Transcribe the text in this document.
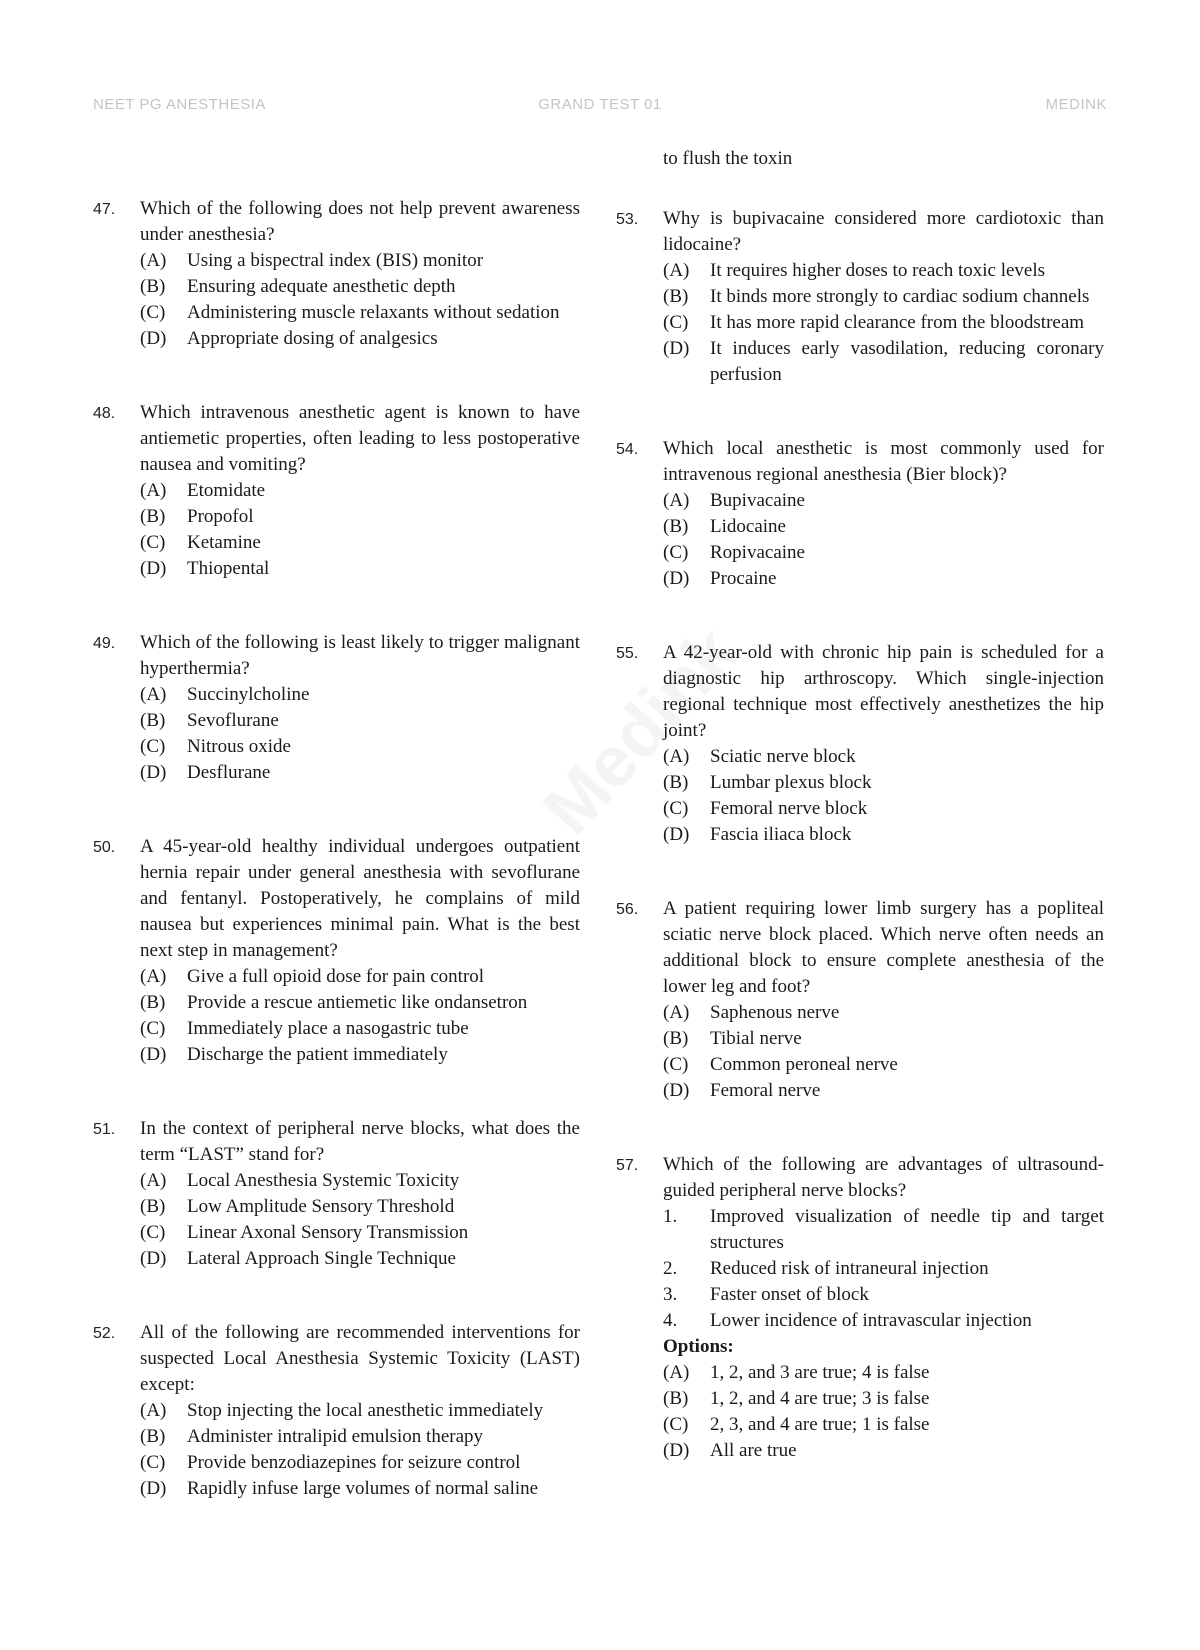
NEET PG ANESTHESIA	GRAND TEST 01	MEDINK
47.	Which of the following does not help prevent awareness under anesthesia?
(A)	Using a bispectral index (BIS) monitor
(B)	Ensuring adequate anesthetic depth
(C)	Administering muscle relaxants without sedation
(D)	Appropriate dosing of analgesics
48.	Which intravenous anesthetic agent is known to have antiemetic properties, often leading to less postoperative nausea and vomiting?
(A)	Etomidate
(B)	Propofol
(C)	Ketamine
(D)	Thiopental
49.	Which of the following is least likely to trigger malignant hyperthermia?
(A)	Succinylcholine
(B)	Sevoflurane
(C)	Nitrous oxide
(D)	Desflurane
50.	A 45-year-old healthy individual undergoes outpatient hernia repair under general anesthesia with sevoflurane and fentanyl. Postoperatively, he complains of mild nausea but experiences minimal pain. What is the best next step in management?
(A)	Give a full opioid dose for pain control
(B)	Provide a rescue antiemetic like ondansetron
(C)	Immediately place a nasogastric tube
(D)	Discharge the patient immediately
51.	In the context of peripheral nerve blocks, what does the term “LAST” stand for?
(A)	Local Anesthesia Systemic Toxicity
(B)	Low Amplitude Sensory Threshold
(C)	Linear Axonal Sensory Transmission
(D)	Lateral Approach Single Technique
52.	All of the following are recommended interventions for suspected Local Anesthesia Systemic Toxicity (LAST) except:
(A)	Stop injecting the local anesthetic immediately
(B)	Administer intralipid emulsion therapy
(C)	Provide benzodiazepines for seizure control
(D)	Rapidly infuse large volumes of normal saline
to flush the toxin
53.	Why is bupivacaine considered more cardiotoxic than lidocaine?
(A)	It requires higher doses to reach toxic levels
(B)	It binds more strongly to cardiac sodium channels
(C)	It has more rapid clearance from the bloodstream
(D)	It induces early vasodilation, reducing coronary perfusion
54.	Which local anesthetic is most commonly used for intravenous regional anesthesia (Bier block)?
(A)	Bupivacaine
(B)	Lidocaine
(C)	Ropivacaine
(D)	Procaine
55.	A 42-year-old with chronic hip pain is scheduled for a diagnostic hip arthroscopy. Which single-injection regional technique most effectively anesthetizes the hip joint?
(A)	Sciatic nerve block
(B)	Lumbar plexus block
(C)	Femoral nerve block
(D)	Fascia iliaca block
56.	A patient requiring lower limb surgery has a popliteal sciatic nerve block placed. Which nerve often needs an additional block to ensure complete anesthesia of the lower leg and foot?
(A)	Saphenous nerve
(B)	Tibial nerve
(C)	Common peroneal nerve
(D)	Femoral nerve
57.	Which of the following are advantages of ultrasound-guided peripheral nerve blocks?
1.	Improved visualization of needle tip and target structures
2.	Reduced risk of intraneural injection
3.	Faster onset of block
4.	Lower incidence of intravascular injection
Options:
(A)	1, 2, and 3 are true; 4 is false
(B)	1, 2, and 4 are true; 3 is false
(C)	2, 3, and 4 are true; 1 is false
(D)	All are true
